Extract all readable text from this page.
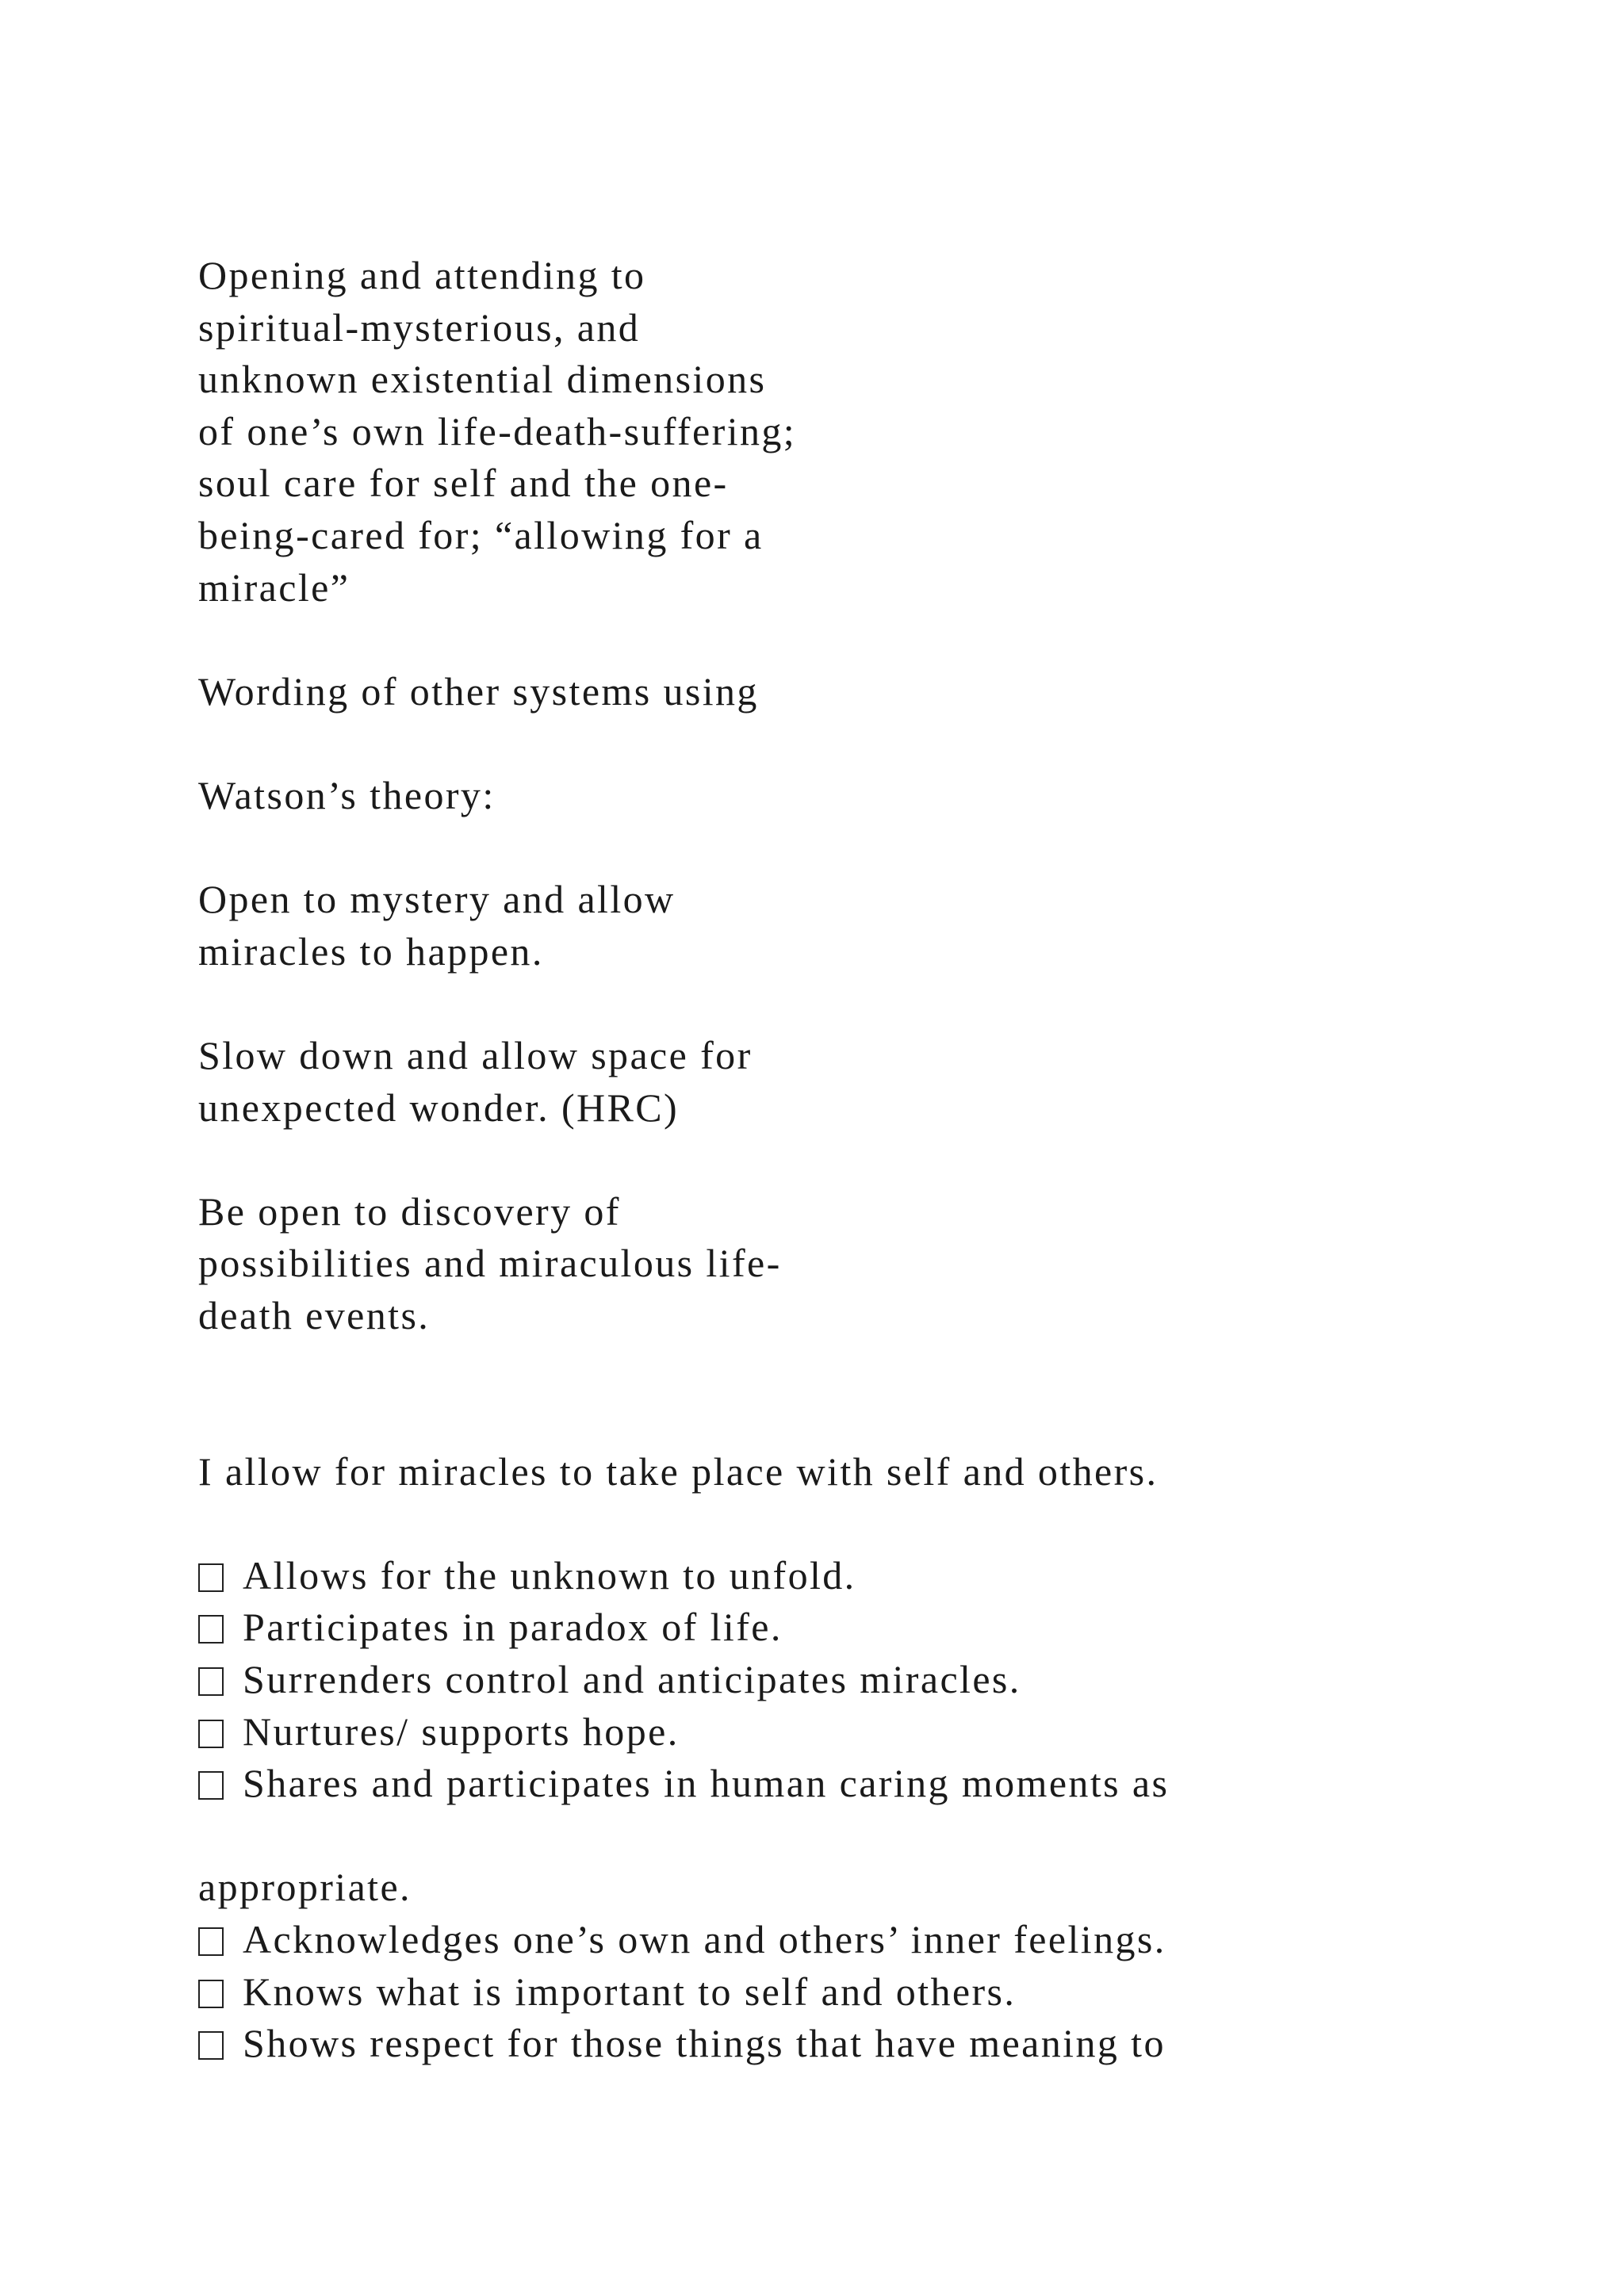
Opening and attending to

spiritual-mysterious, and

unknown existential dimensions

of one’s own life-death-suffering;

soul care for self and the one-

being-cared for; “allowing for a

miracle”

Wording of other systems using

Watson’s theory:

Open to mystery and allow

miracles to happen.

Slow down and allow space for

unexpected wonder. (HRC)

Be open to discovery of

possibilities and miraculous life-

death events.

I allow for miracles to take place with self and others.

Allows for the unknown to unfold.
Participates in paradox of life.
Surrenders control and anticipates miracles.
Nurtures/ supports hope.
Shares and participates in human caring moments as

appropriate.

Acknowledges one’s own and others’ inner feelings.
Knows what is important to self and others.
Shows respect for those things that have meaning to
